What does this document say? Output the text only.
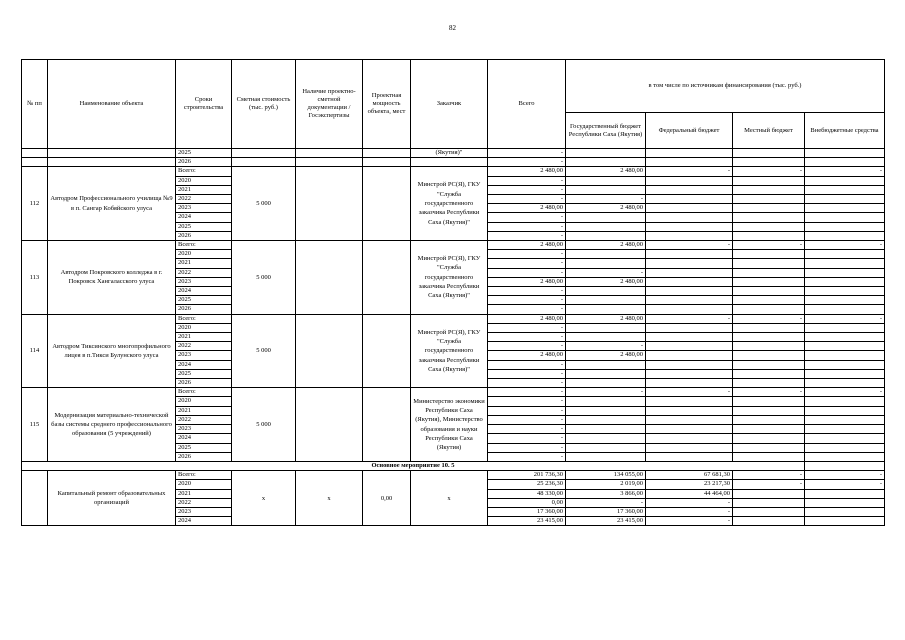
82
№ пп	Наименование объекта	Сроки строительства	Сметная стоимость (тыс. руб.)	Наличие проектно-сметной документации /Госэкспертизы	Проектная мощность объекта, мест	Заказчик	Всего	в том числе по источникам финансирования (тыс. руб.)			
								Государственный бюджет Республики Саха (Якутия)	Федеральный бюджет	Местный бюджет	Внебюджетные средства
		2025				(Якутия)"	-				
		2026					-				
112	Автодром Профессионального училища №9 в п. Сангар Кобяйского улуса	Всего:	5 000			Минстрой РС(Я), ГКУ "Служба государственного заказчика Республики Саха (Якутия)"	2 480,00	2 480,00	-	-	-
		2020					-				
		2021					-				
		2022					-	-			
		2023					2 480,00	2 480,00			
		2024					-				
		2025					-				
		2026					-				
113	Автодром Покровского колледжа в г. Покровск Хангаласского улуса	Всего:	5 000			Минстрой РС(Я), ГКУ "Служба государственного заказчика Республики Саха (Якутия)"	2 480,00	2 480,00	-	-	-
		2020					-				
		2021					-				
		2022					-	-			
		2023					2 480,00	2 480,00			
		2024					-				
		2025					-				
		2026					-				
114	Автодром Тиксинского многопрофильного лицея в п.Тикси Булунского улуса	Всего:	5 000			Минстрой РС(Я), ГКУ "Служба государственного заказчика Республики Саха (Якутия)"	2 480,00	2 480,00	-	-	-
		2020					-				
		2021					-				
		2022					-	-			
		2023					2 480,00	2 480,00			
		2024					-				
		2025					-				
		2026					-				
115	Модернизация материально-технической базы системы среднего профессионального образования (5 учреждений)	Всего:	5 000			Министерство экономики Республики Саха (Якутия), Министерство образования и науки Республики Саха (Якутия)	-	-	-	-	-
		2020					-				
		2021					-				
		2022					-				
		2023					-				
		2024					-				
		2025					-				
		2026					-				
Основное мероприятие 10. 5											
	Капитальный ремонт образовательных организаций	Всего:	x	x	0,00	x	201 736,30	134 055,00	67 681,30	-	-
		2020					25 236,30	2 019,00	23 217,30	-	-
		2021					48 330,00	3 866,00	44 464,00		
		2022					0,00	-	-		
		2023					17 360,00	17 360,00	-		
		2024					23 415,00	23 415,00	-		
